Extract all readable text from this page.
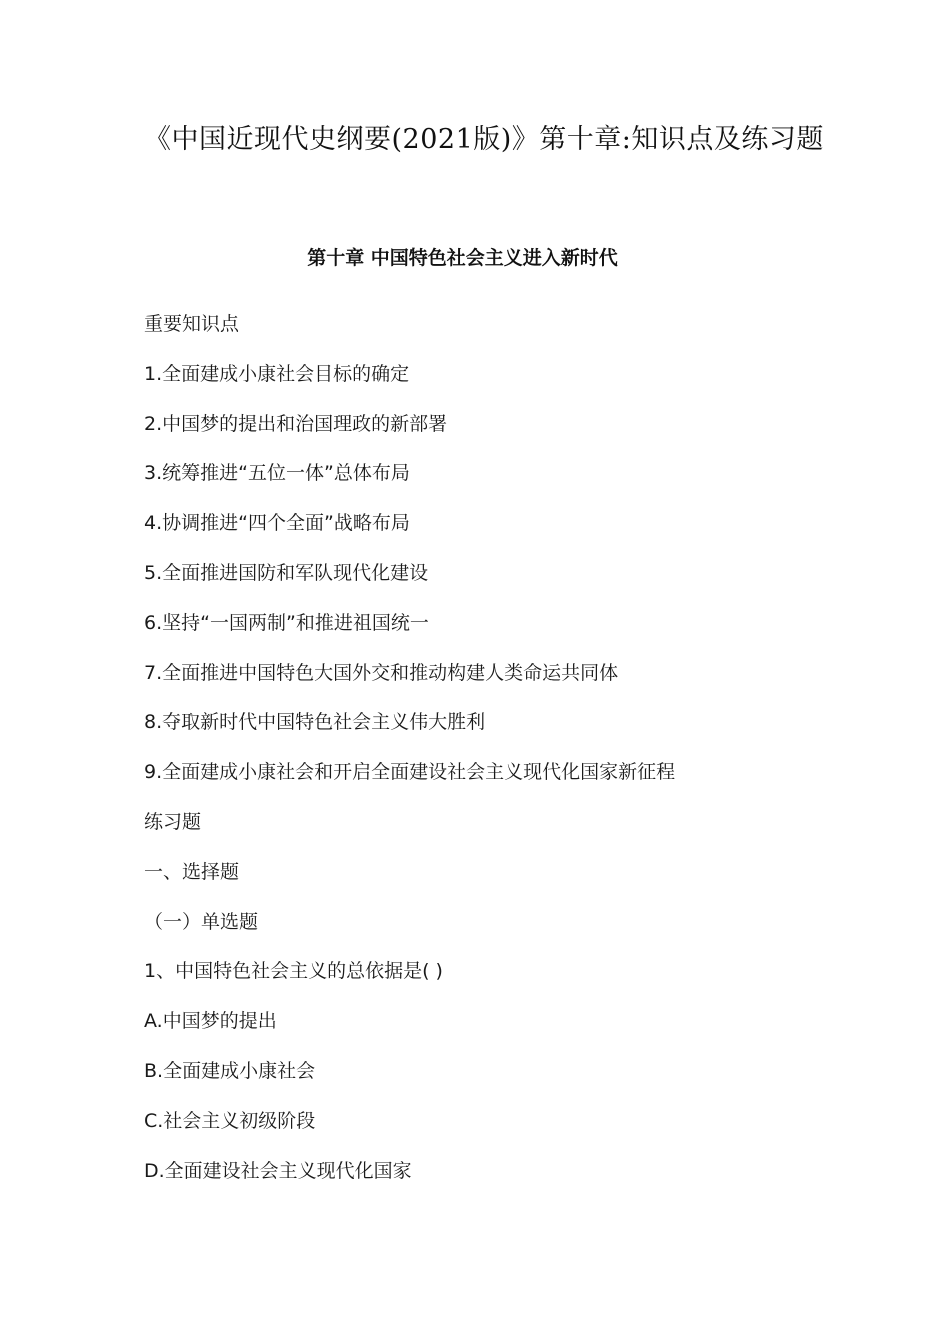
《中国近现代史纲要(2021版)》第十章:知识点及练习题
第十章 中国特色社会主义进入新时代
重要知识点
1.全面建成小康社会目标的确定
2.中国梦的提出和治国理政的新部署
3.统筹推进“五位一体”总体布局
4.协调推进“四个全面”战略布局
5.全面推进国防和军队现代化建设
6.坚持“一国两制”和推进祖国统一
7.全面推进中国特色大国外交和推动构建人类命运共同体
8.夺取新时代中国特色社会主义伟大胜利
9.全面建成小康社会和开启全面建设社会主义现代化国家新征程
练习题
一、选择题
（一）单选题
1、中国特色社会主义的总依据是( )
A.中国梦的提出
B.全面建成小康社会
C.社会主义初级阶段
D.全面建设社会主义现代化国家
